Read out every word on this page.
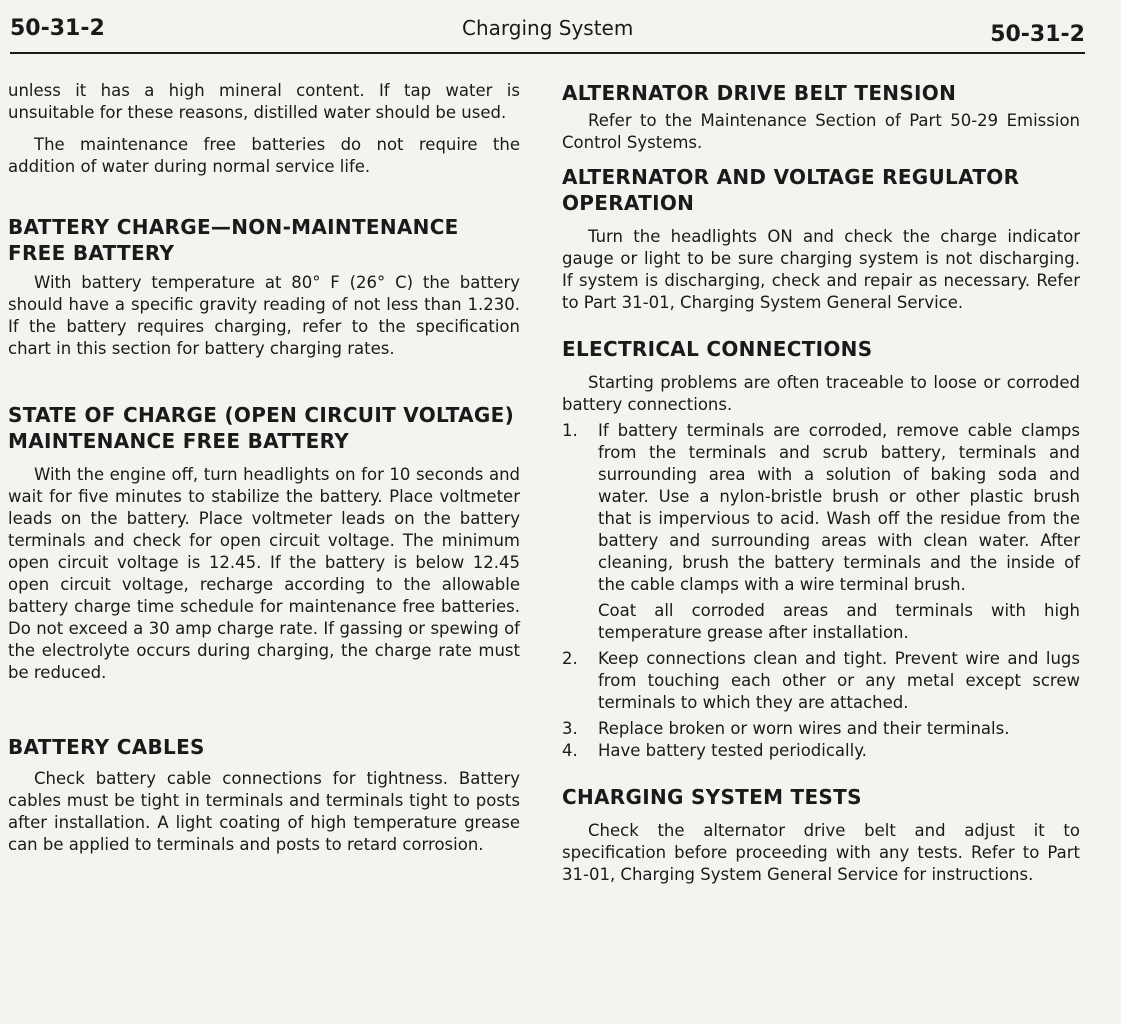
50-31-2	Charging System	50-31-2

unless it has a high mineral content. If tap water is unsuitable for these reasons, distilled water should be used.

The maintenance free batteries do not require the addition of water during normal service life.

BATTERY CHARGE—NON-MAINTENANCE FREE BATTERY

With battery temperature at 80° F (26° C) the battery should have a specific gravity reading of not less than 1.230. If the battery requires charging, refer to the specification chart in this section for battery charging rates.

STATE OF CHARGE (OPEN CIRCUIT VOLTAGE) MAINTENANCE FREE BATTERY

With the engine off, turn headlights on for 10 seconds and wait for five minutes to stabilize the battery. Place voltmeter leads on the battery. Place voltmeter leads on the battery terminals and check for open circuit voltage. The minimum open circuit voltage is 12.45. If the battery is below 12.45 open circuit voltage, recharge according to the allowable battery charge time schedule for maintenance free batteries. Do not exceed a 30 amp charge rate. If gassing or spewing of the electrolyte occurs during charging, the charge rate must be reduced.

BATTERY CABLES

Check battery cable connections for tightness. Battery cables must be tight in terminals and terminals tight to posts after installation. A light coating of high temperature grease can be applied to terminals and posts to retard corrosion.

ALTERNATOR DRIVE BELT TENSION

Refer to the Maintenance Section of Part 50-29 Emission Control Systems.

ALTERNATOR AND VOLTAGE REGULATOR OPERATION

Turn the headlights ON and check the charge indicator gauge or light to be sure charging system is not discharging. If system is discharging, check and repair as necessary. Refer to Part 31-01, Charging System General Service.

ELECTRICAL CONNECTIONS

Starting problems are often traceable to loose or corroded battery connections.

1. If battery terminals are corroded, remove cable clamps from the terminals and scrub battery, terminals and surrounding area with a solution of baking soda and water. Use a nylon-bristle brush or other plastic brush that is impervious to acid. Wash off the residue from the battery and surrounding areas with clean water. After cleaning, brush the battery terminals and the inside of the cable clamps with a wire terminal brush.

Coat all corroded areas and terminals with high temperature grease after installation.

2. Keep connections clean and tight. Prevent wire and lugs from touching each other or any metal except screw terminals to which they are attached.

3. Replace broken or worn wires and their terminals.

4. Have battery tested periodically.

CHARGING SYSTEM TESTS

Check the alternator drive belt and adjust it to specification before proceeding with any tests. Refer to Part 31-01, Charging System General Service for instructions.
